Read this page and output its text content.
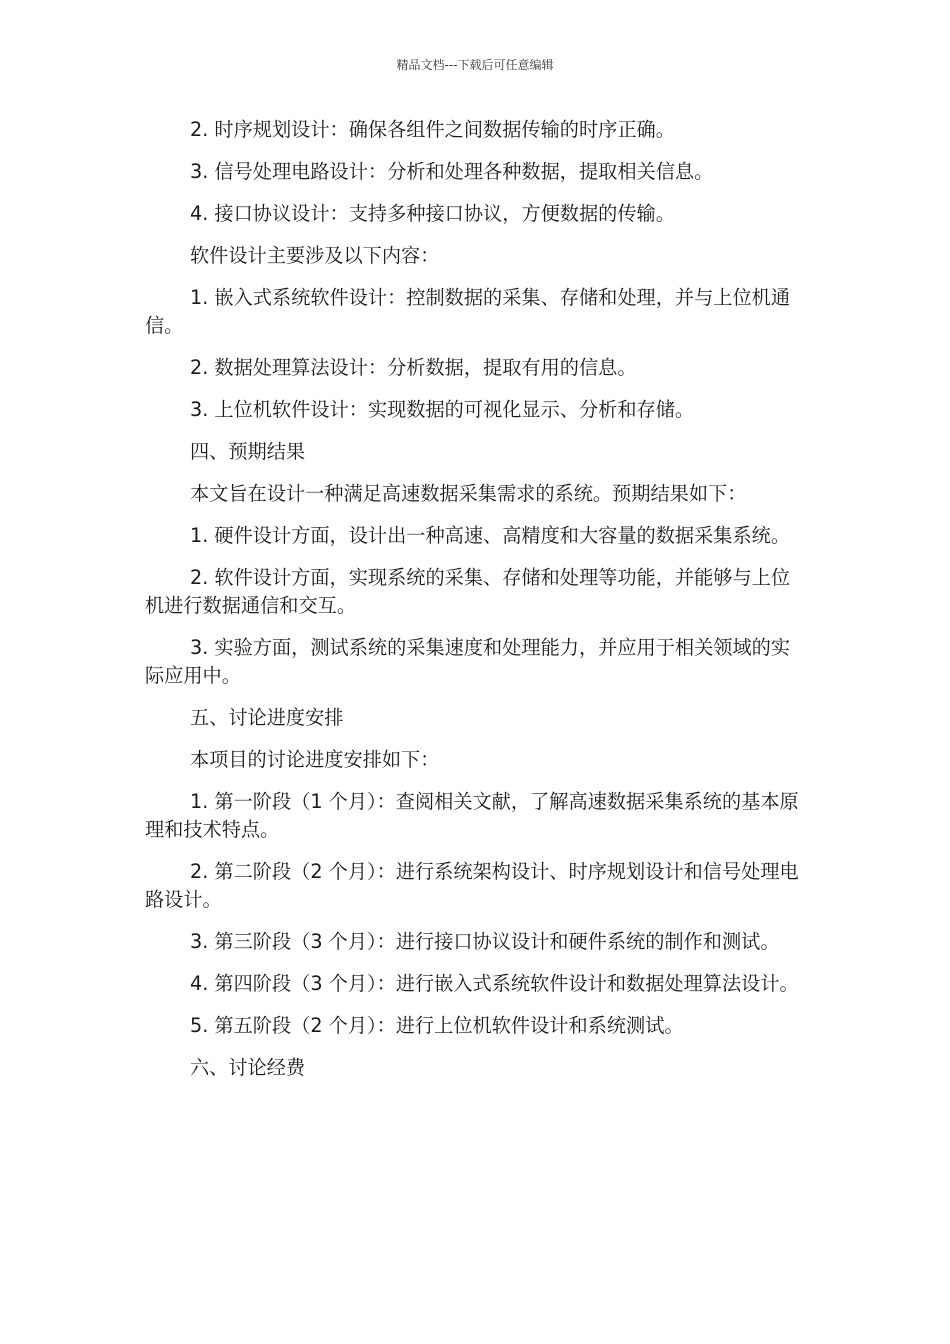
精品文档---下载后可任意编辑

2. 时序规划设计：确保各组件之间数据传输的时序正确。

3. 信号处理电路设计：分析和处理各种数据，提取相关信息。

4. 接口协议设计：支持多种接口协议，方便数据的传输。

软件设计主要涉及以下内容：

1. 嵌入式系统软件设计：控制数据的采集、存储和处理，并与上位机通信。

2. 数据处理算法设计：分析数据，提取有用的信息。

3. 上位机软件设计：实现数据的可视化显示、分析和存储。

四、预期结果

本文旨在设计一种满足高速数据采集需求的系统。预期结果如下：

1. 硬件设计方面，设计出一种高速、高精度和大容量的数据采集系统。

2. 软件设计方面，实现系统的采集、存储和处理等功能，并能够与上位机进行数据通信和交互。

3. 实验方面，测试系统的采集速度和处理能力，并应用于相关领域的实际应用中。

五、讨论进度安排

本项目的讨论进度安排如下：

1. 第一阶段（1 个月）：查阅相关文献，了解高速数据采集系统的基本原理和技术特点。

2. 第二阶段（2 个月）：进行系统架构设计、时序规划设计和信号处理电路设计。

3. 第三阶段（3 个月）：进行接口协议设计和硬件系统的制作和测试。

4. 第四阶段（3 个月）：进行嵌入式系统软件设计和数据处理算法设计。

5. 第五阶段（2 个月）：进行上位机软件设计和系统测试。

六、讨论经费
